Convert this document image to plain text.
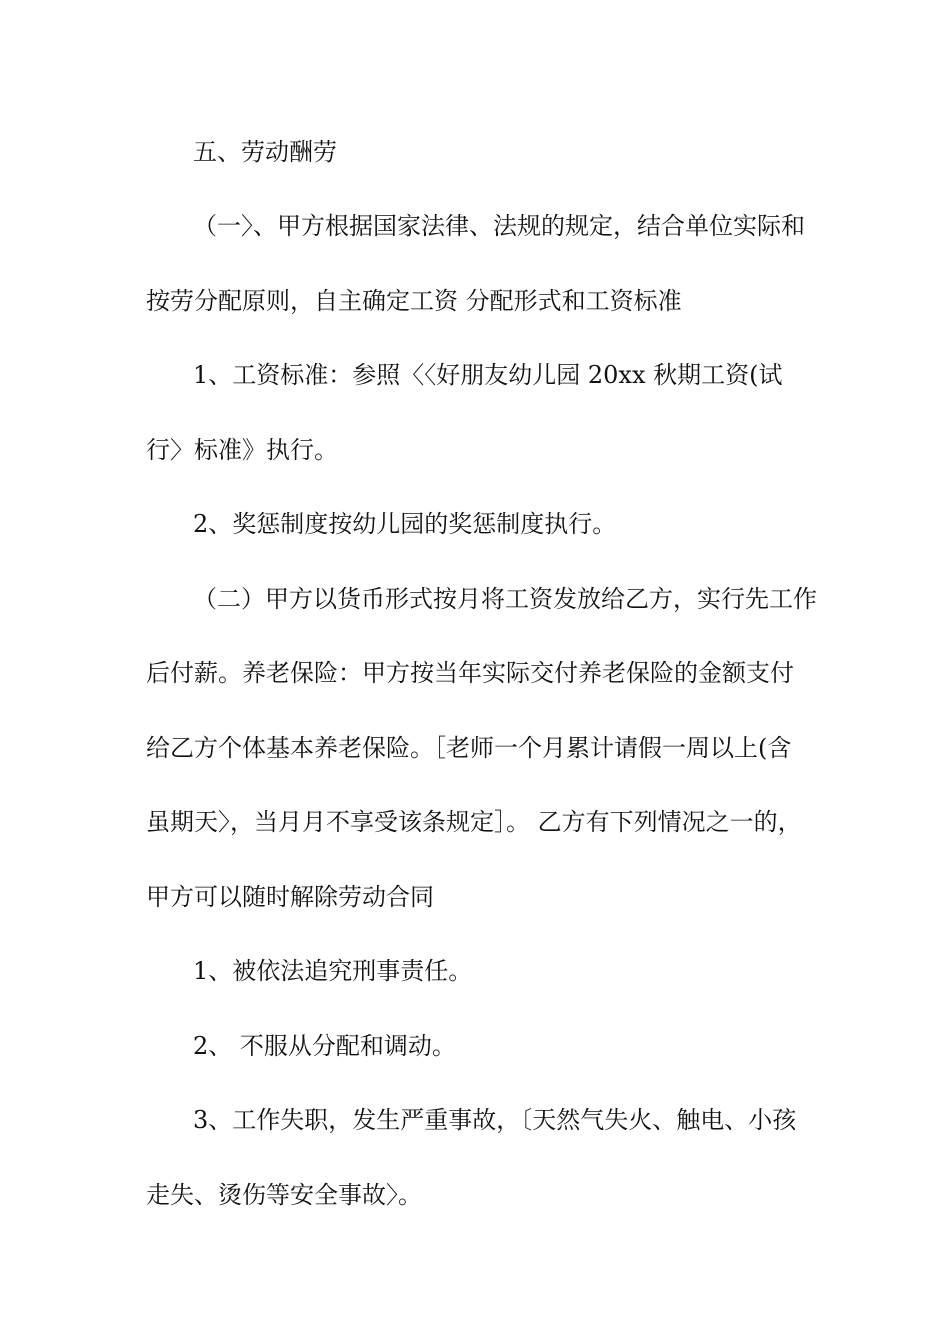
五、劳动酬劳
（一〉、甲方根据国家法律、法规的规定，结合单位实际和
按劳分配原则，自主确定工资 分配形式和工资标准
1、工资标准：参照〈〈好朋友幼儿园 20xx 秋期工资(试
行〉标准》执行。
2、奖惩制度按幼儿园的奖惩制度执行。
（二）甲方以货币形式按月将工资发放给乙方，实行先工作
后付薪。养老保险：甲方按当年实际交付养老保险的金额支付
给乙方个体基本养老保险。［老师一个月累计请假一周以上(含
虽期天〉，当月月不享受该条规定］。 乙方有下列情况之一的，
甲方可以随时解除劳动合同
1、被依法追究刑事责任。
2、 不服从分配和调动。
3、工作失职，发生严重事故，〔天然气失火、触电、小孩
走失、烫伤等安全事故〉。
